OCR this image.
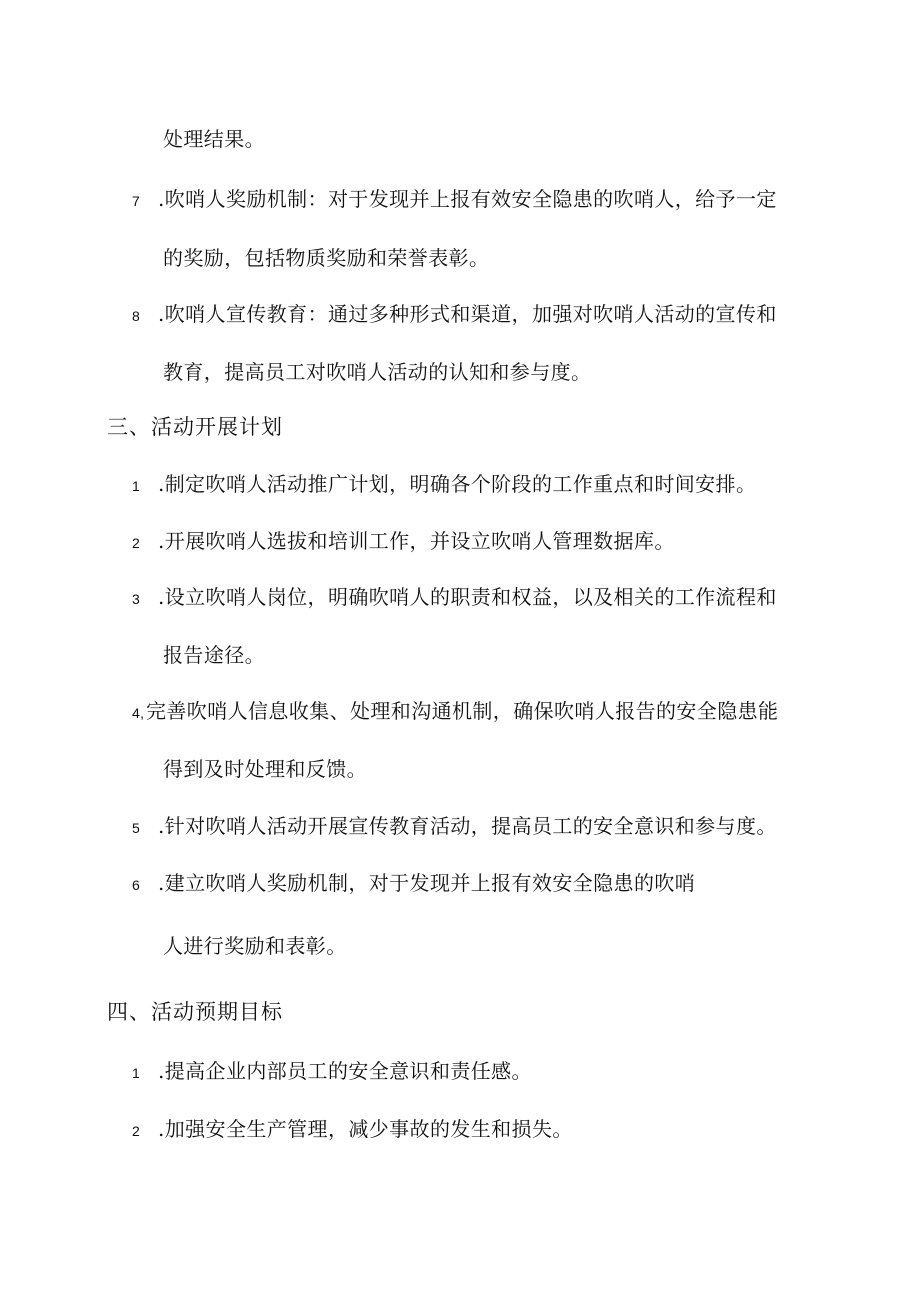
处理结果。
7 .吹哨人奖励机制：对于发现并上报有效安全隐患的吹哨人，给予一定
的奖励，包括物质奖励和荣誉表彰。
8 .吹哨人宣传教育：通过多种形式和渠道，加强对吹哨人活动的宣传和
教育，提高员工对吹哨人活动的认知和参与度。
三、活动开展计划
1 .制定吹哨人活动推广计划，明确各个阶段的工作重点和时间安排。
2 .开展吹哨人选拔和培训工作，并设立吹哨人管理数据库。
3 .设立吹哨人岗位，明确吹哨人的职责和权益，以及相关的工作流程和
报告途径。
4,完善吹哨人信息收集、处理和沟通机制，确保吹哨人报告的安全隐患能
得到及时处理和反馈。
5 .针对吹哨人活动开展宣传教育活动，提高员工的安全意识和参与度。
6 .建立吹哨人奖励机制，对于发现并上报有效安全隐患的吹哨
人进行奖励和表彰。
四、活动预期目标
1 .提高企业内部员工的安全意识和责任感。
2 .加强安全生产管理，减少事故的发生和损失。
